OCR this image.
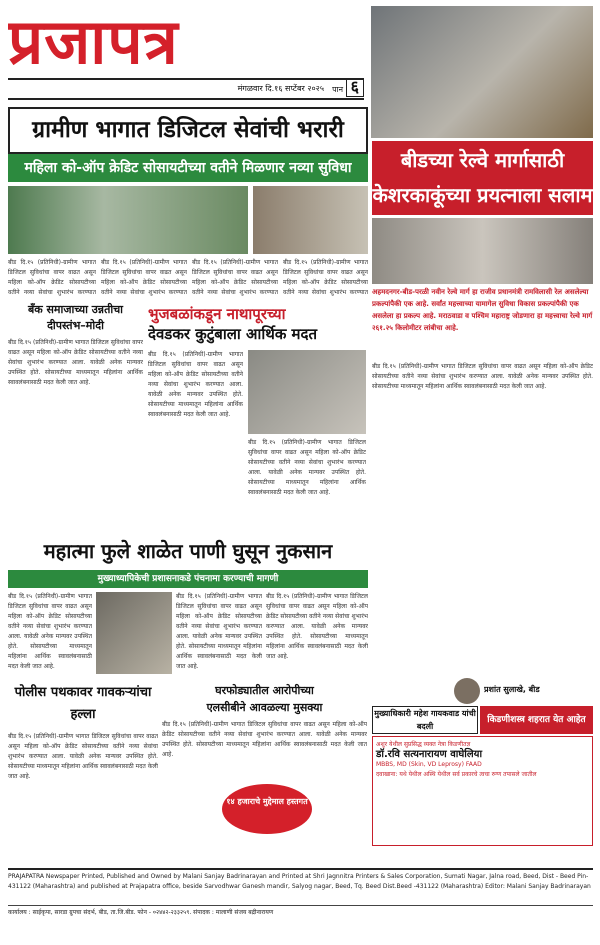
प्रजापत्र
मंगळवार दि.१६ सप्टेंबर २०२५	पान ६
ग्रामीण भागात डिजिटल सेवांची भरारी
महिला को-ऑप क्रेडिट सोसायटीच्या वतीने मिळणार नव्या सुविधा
बीड दि.१५ (प्रतिनिधी)-ग्रामीण भागात डिजिटल सुविधांचा वापर वाढत असून महिला को-ऑप क्रेडिट सोसायटीच्या वतीने नव्या सेवांचा शुभारंभ करण्यात
बीड दि.१५ (प्रतिनिधी)-ग्रामीण भागात डिजिटल सुविधांचा वापर वाढत असून महिला को-ऑप क्रेडिट सोसायटीच्या वतीने नव्या सेवांचा शुभारंभ करण्यात
बीड दि.१५ (प्रतिनिधी)-ग्रामीण भागात डिजिटल सुविधांचा वापर वाढत असून महिला को-ऑप क्रेडिट सोसायटीच्या वतीने नव्या सेवांचा शुभारंभ करण्यात
बीड दि.१५ (प्रतिनिधी)-ग्रामीण भागात डिजिटल सुविधांचा वापर वाढत असून महिला को-ऑप क्रेडिट सोसायटीच्या वतीने नव्या सेवांचा शुभारंभ करण्यात
बीडच्या रेल्वे मार्गासाठी केशरकाकूंच्या प्रयत्नाला सलाम
अहमदनगर-बीड-परळी नवीन रेल्वे मार्ग हा राजीव प्रधानमंत्री रामविलासी रेल असलेल्या प्रकल्पांपैकी एक आहे. सर्वांत महत्त्वाच्या यामागेल सुविधा विकास प्रकल्पांपैकी एक असलेला हा प्रकल्प आहे. मराठवाडा व पश्चिम महाराष्ट्र जोडणारा हा महत्त्वाचा रेल्वे मार्ग २६१.२५ किलोमीटर लांबीचा आहे.
बँक समाजाच्या उन्नतीचा दीपस्तंभ–मोदी
बीड दि.१५ (प्रतिनिधी)-ग्रामीण भागात डिजिटल सुविधांचा वापर वाढत असून महिला को-ऑप क्रेडिट सोसायटीच्या वतीने नव्या सेवांचा शुभारंभ करण्यात आला. यावेळी अनेक मान्यवर उपस्थित होते. सोसायटीच्या माध्यमातून महिलांना आर्थिक स्वावलंबनासाठी मदत केली जात आहे.
भुजबळांकडून नाथापूरच्या
देवडकर कुटुंबाला आर्थिक मदत
बीड दि.१५ (प्रतिनिधी)-ग्रामीण भागात डिजिटल सुविधांचा वापर वाढत असून महिला को-ऑप क्रेडिट सोसायटीच्या वतीने नव्या सेवांचा शुभारंभ करण्यात आला. यावेळी अनेक मान्यवर उपस्थित होते. सोसायटीच्या माध्यमातून महिलांना आर्थिक स्वावलंबनासाठी मदत केली जात आहे.
बीड दि.१५ (प्रतिनिधी)-ग्रामीण भागात डिजिटल सुविधांचा वापर वाढत असून महिला को-ऑप क्रेडिट सोसायटीच्या वतीने नव्या सेवांचा शुभारंभ करण्यात आला. यावेळी अनेक मान्यवर उपस्थित होते. सोसायटीच्या माध्यमातून महिलांना आर्थिक स्वावलंबनासाठी मदत केली जात आहे.
बीड दि.१५ (प्रतिनिधी)-ग्रामीण भागात डिजिटल सुविधांचा वापर वाढत असून महिला को-ऑप क्रेडिट सोसायटीच्या वतीने नव्या सेवांचा शुभारंभ करण्यात आला. यावेळी अनेक मान्यवर उपस्थित होते. सोसायटीच्या माध्यमातून महिलांना आर्थिक स्वावलंबनासाठी मदत केली जात आहे.
प्रशांत सुलाखे, बीड
महात्मा फुले शाळेत पाणी घुसून नुकसान
मुख्याध्यापिकेची प्रशासनाकडे पंचनामा करण्याची मागणी
बीड दि.१५ (प्रतिनिधी)-ग्रामीण भागात डिजिटल सुविधांचा वापर वाढत असून महिला को-ऑप क्रेडिट सोसायटीच्या वतीने नव्या सेवांचा शुभारंभ करण्यात आला. यावेळी अनेक मान्यवर उपस्थित होते. सोसायटीच्या माध्यमातून महिलांना आर्थिक स्वावलंबनासाठी मदत केली जात आहे.
बीड दि.१५ (प्रतिनिधी)-ग्रामीण भागात डिजिटल सुविधांचा वापर वाढत असून महिला को-ऑप क्रेडिट सोसायटीच्या वतीने नव्या सेवांचा शुभारंभ करण्यात आला. यावेळी अनेक मान्यवर उपस्थित होते. सोसायटीच्या माध्यमातून महिलांना आर्थिक स्वावलंबनासाठी मदत केली जात आहे.
बीड दि.१५ (प्रतिनिधी)-ग्रामीण भागात डिजिटल सुविधांचा वापर वाढत असून महिला को-ऑप क्रेडिट सोसायटीच्या वतीने नव्या सेवांचा शुभारंभ करण्यात आला. यावेळी अनेक मान्यवर उपस्थित होते. सोसायटीच्या माध्यमातून महिलांना आर्थिक स्वावलंबनासाठी मदत केली जात आहे.
पोलीस पथकावर गावकऱ्यांचा हल्ला
बीड दि.१५ (प्रतिनिधी)-ग्रामीण भागात डिजिटल सुविधांचा वापर वाढत असून महिला को-ऑप क्रेडिट सोसायटीच्या वतीने नव्या सेवांचा शुभारंभ करण्यात आला. यावेळी अनेक मान्यवर उपस्थित होते. सोसायटीच्या माध्यमातून महिलांना आर्थिक स्वावलंबनासाठी मदत केली जात आहे.
घरफोड्यातील आरोपीच्या
एलसीबीने आवळल्या मुसक्या
बीड दि.१५ (प्रतिनिधी)-ग्रामीण भागात डिजिटल सुविधांचा वापर वाढत असून महिला को-ऑप क्रेडिट सोसायटीच्या वतीने नव्या सेवांचा शुभारंभ करण्यात आला. यावेळी अनेक मान्यवर उपस्थित होते. सोसायटीच्या माध्यमातून महिलांना आर्थिक स्वावलंबनासाठी मदत केली जात आहे.
१४ हजाराचे मुद्देमाल हस्तगत
मुख्याधिकारी महेश गायकवाड यांची बदली
किडणीशस्त्र शहरात येत आहेत
अशुर येथील सुप्रसिद्ध व्यक्त नेत्रा किडणीतज्ञ
डॉ.रवि सत्यनारायण वाघेलिया
MBBS, MD (Skin, VD Leprosy) FAAD
दवाखाना: यथे येथील अस्थि येथील सर्व प्रकारचे त्वचा रुग्ण तपासले जातील
PRAJAPATRA Newspaper Printed, Published and Owned by Malani Sanjay Badrinarayan and Printed at Shri Jagnnitra Printers & Sales Corporation, Sumati Nagar, Jalna road, Beed, Dist - Beed Pin-431122 (Maharashtra) and published at Prajapatra office, beside Sarvodhwar Ganesh mandir, Salyog nagar, Beed, Tq. Beed Dist.Beed -431122 (Maharashtra) Editor: Malani Sanjay Badrinarayan
कार्यालय : साईकृपा, सारडा ग्रुपचा संदर्भ, बीड, ता.जि.बीड. फोन - ०२४४२-२३३२५९. संपादक : मालाणी संजय बद्रीनारायण
